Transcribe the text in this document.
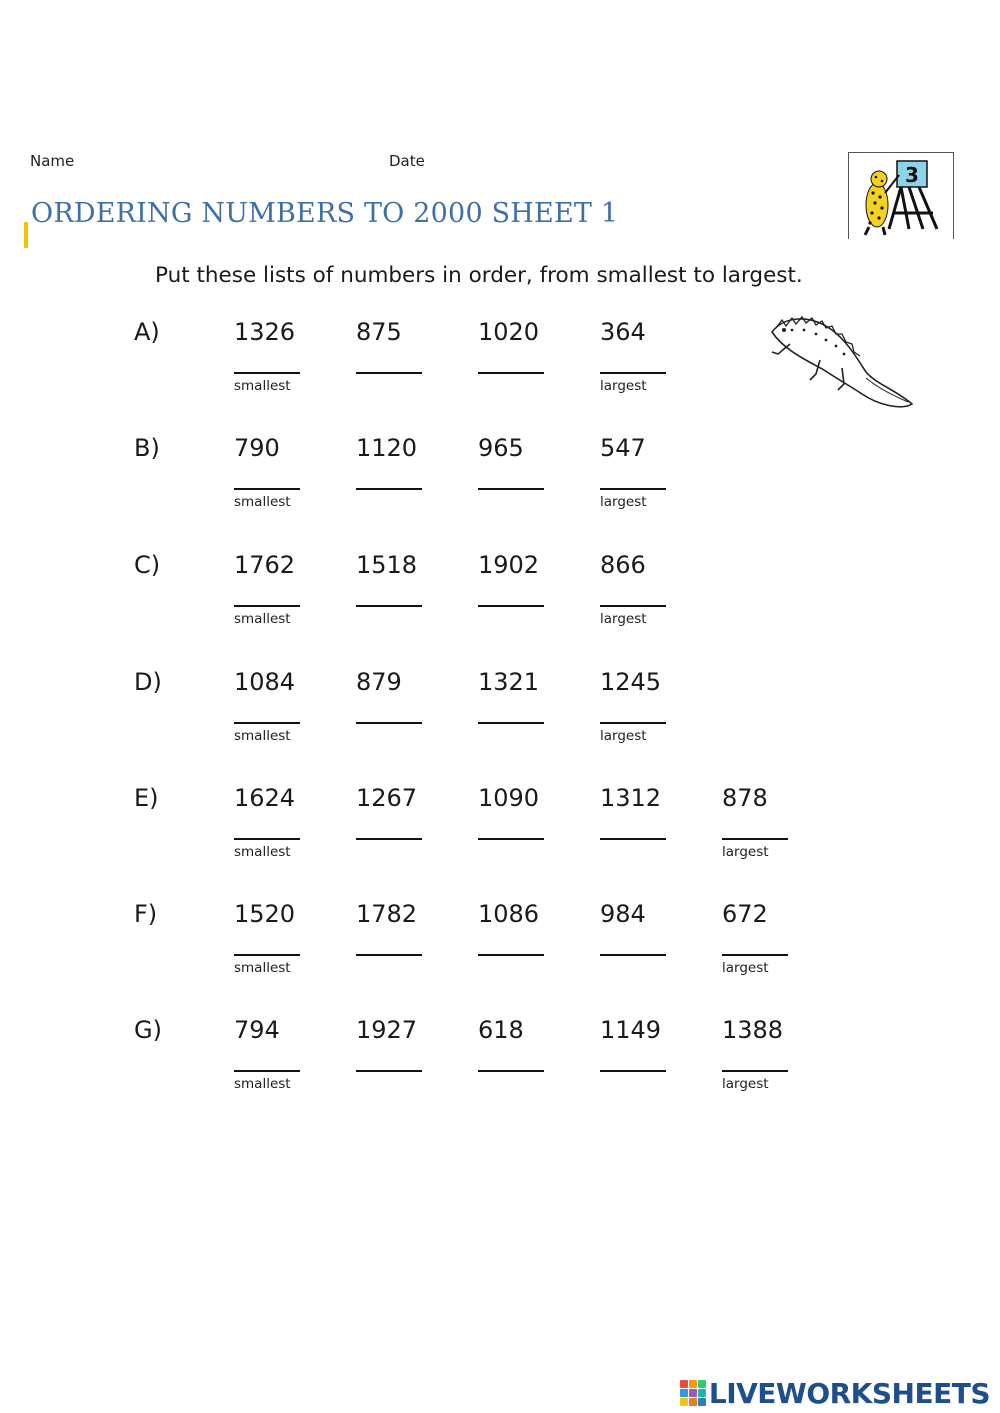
Name	Date
ORDERING NUMBERS TO 2000 SHEET 1
3
Put these lists of numbers in order, from smallest to largest.
A)	1326	875	1020	364
smallest	largest
B)	790	1120	965	547
smallest	largest
C)	1762	1518	1902	866
smallest	largest
D)	1084	879	1321	1245
smallest	largest
E)	1624	1267	1090	1312	878
smallest	largest
F)	1520	1782	1086	984	672
smallest	largest
G)	794	1927	618	1149	1388
smallest	largest
LIVEWORKSHEETS
